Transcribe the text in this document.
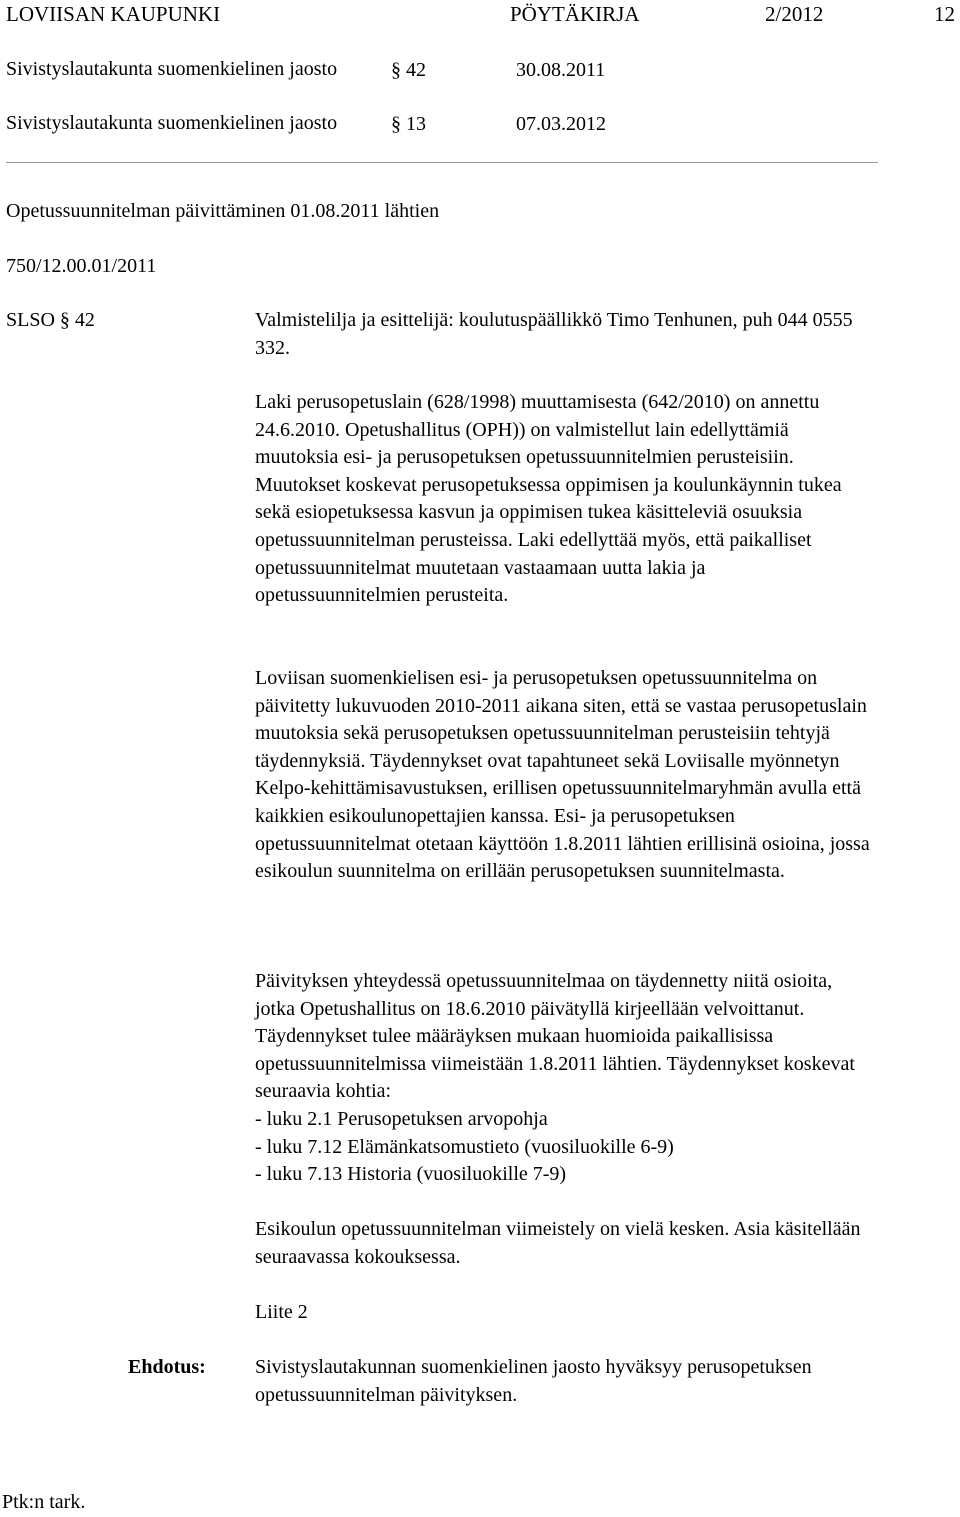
LOVIISAN KAUPUNKI	PÖYTÄKIRJA	2/2012	12
Sivistyslautakunta suomenkielinen jaosto	§ 42	30.08.2011
Sivistyslautakunta suomenkielinen jaosto	§ 13	07.03.2012
Opetussuunnitelman päivittäminen 01.08.2011 lähtien
750/12.00.01/2011
SLSO § 42	Valmistelilja ja esittelijä: koulutuspäällikkö Timo Tenhunen, puh 044 0555 332.

Laki perusopetuslain (628/1998) muuttamisesta (642/2010) on annettu 24.6.2010. Opetushallitus (OPH)) on valmistellut lain edellyttämiä muutoksia esi- ja perusopetuksen opetussuunnitelmien perusteisiin. Muutokset koskevat perusopetuksessa oppimisen ja koulunkäynnin tukea sekä esiopetuksessa kasvun ja oppimisen tukea käsitteleviä osuuksia opetussuunnitelman perusteissa. Laki edellyttää myös, että paikalliset opetussuunnitelmat muutetaan vastaamaan uutta lakia ja opetussuunnitelmien perusteita.

Loviisan suomenkielisen esi- ja perusopetuksen opetussuunnitelma on päivitetty lukuvuoden 2010-2011 aikana siten, että se vastaa perusopetuslain muutoksia sekä perusopetuksen opetussuunnitelman perusteisiin tehtyjä täydennyksiä. Täydennykset ovat tapahtuneet sekä Loviisalle myönnetyn Kelpo-kehittämisavustuksen, erillisen opetussuunnitelmaryhmän avulla että kaikkien esikoulunopettajien kanssa. Esi- ja perusopetuksen opetussuunnitelmat otetaan käyttöön 1.8.2011 lähtien erillisinä osioina, jossa esikoulun suunnitelma on erillään perusopetuksen suunnitelmasta.

Päivityksen yhteydessä opetussuunnitelmaa on täydennetty niitä osioita, jotka Opetushallitus on 18.6.2010 päivätyllä kirjeellään velvoittanut. Täydennykset tulee määräyksen mukaan huomioida paikallisissa opetussuunnitelmissa viimeistään 1.8.2011 lähtien. Täydennykset koskevat seuraavia kohtia:

- luku 2.1 Perusopetuksen arvopohja
- luku 7.12 Elämänkatsomustieto (vuosiluokille 6-9)
- luku 7.13 Historia (vuosiluokille 7-9)

Esikoulun opetussuunnitelman viimeistely on vielä kesken. Asia käsitellään seuraavassa kokouksessa.

Liite 2
Ehdotus: Sivistyslautakunnan suomenkielinen jaosto hyväksyy perusopetuksen opetussuunnitelman päivityksen.

Ptk:n tark.
